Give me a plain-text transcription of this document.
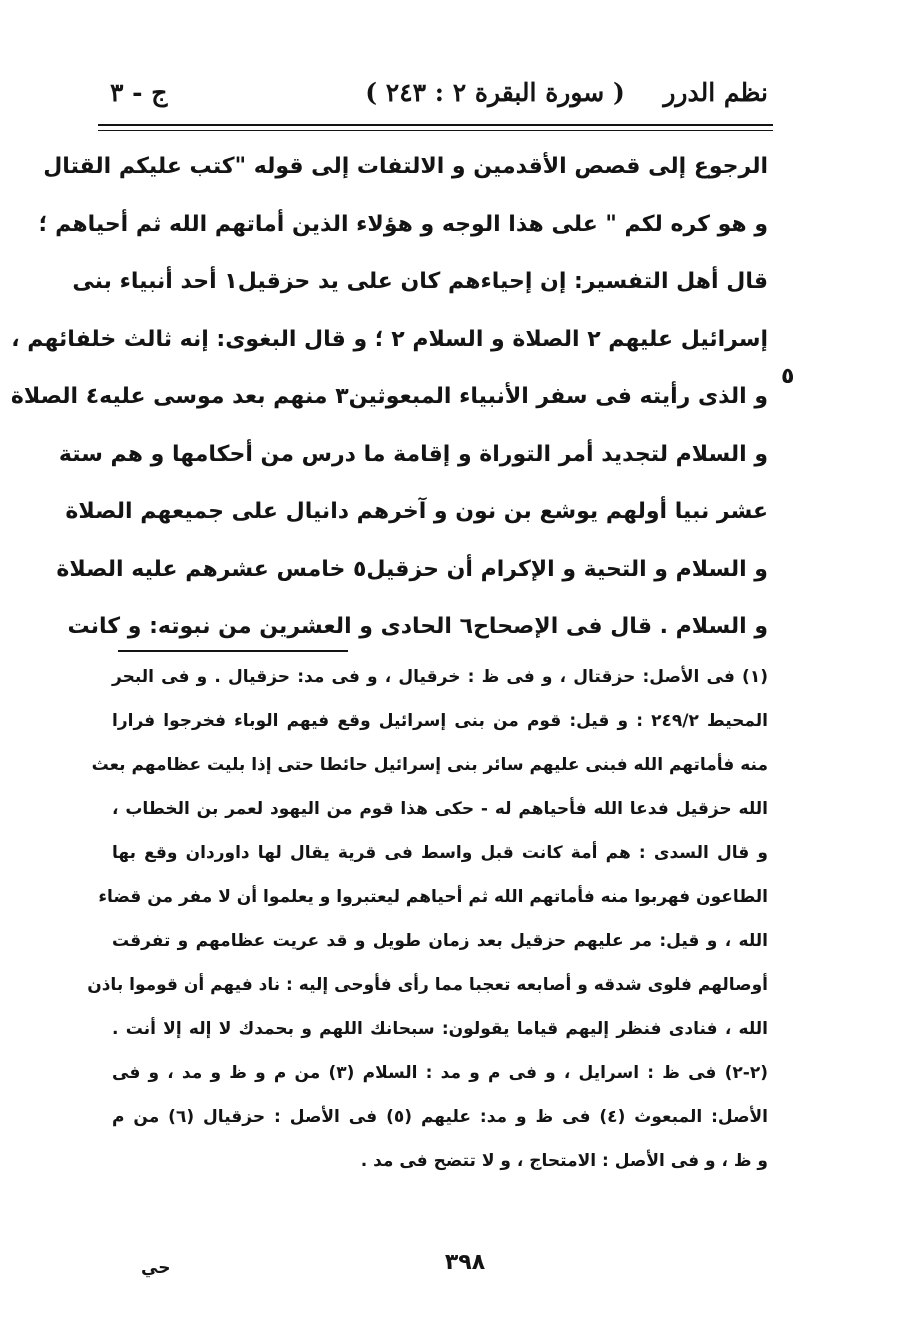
نظم الدرر
( سورة البقرة ٢ : ٢٤٣ )
ج - ٣
الرجوع إلى قصص الأقدمين و الالتفات إلى قوله "كتب عليكم القتال
و هو كره لكم " على هذا الوجه و هؤلاء الذين أماتهم الله ثم أحياهم ؛
قال أهل التفسير: إن إحياءهم كان على يد حزقيل١ أحد أنبياء بنى
إسرائيل عليهم ٢ الصلاة و السلام ٢ ؛ و قال البغوى: إنه ثالث خلفائهم ،
و الذى رأيته فى سفر الأنبياء المبعوثين٣ منهم بعد موسى عليه٤ الصلاة
و السلام لتجديد أمر التوراة و إقامة ما درس من أحكامها و هم ستة
عشر نبيا أولهم يوشع بن نون و آخرهم دانيال على جميعهم الصلاة
و السلام و التحية و الإكرام أن حزقيل٥ خامس عشرهم عليه الصلاة
و السلام . قال فى الإصحاح٦ الحادى و العشرين من نبوته: و كانت
٥
(١) فى الأصل: حزقتال ، و فى ظ : خرقيال ، و فى مد: حزقيال . و فى البحر
المحيط ٢٤٩/٢ : و قيل: قوم من بنى إسرائيل وقع فيهم الوباء فخرجوا فرارا
منه فأماتهم الله فبنى عليهم سائر بنى إسرائيل حائطا حتى إذا بليت عظامهم بعث
الله حزقيل فدعا الله فأحياهم له - حكى هذا قوم من اليهود لعمر بن الخطاب ،
و قال السدى : هم أمة كانت قبل واسط فى قرية يقال لها داوردان وقع بها
الطاعون فهربوا منه فأماتهم الله ثم أحياهم ليعتبروا و يعلموا أن لا مفر من قضاء
الله ، و قيل: مر عليهم حزقيل بعد زمان طويل و قد عريت عظامهم و تفرقت
أوصالهم فلوى شدقه و أصابعه تعجبا مما رأى فأوحى إليه : ناد فيهم أن قوموا باذن
الله ، فنادى فنظر إليهم قياما يقولون: سبحانك اللهم و بحمدك لا إله إلا أنت .
(٢-٢) فى ظ : اسرايل ، و فى م و مد : السلام (٣) من م و ظ و مد ، و فى
الأصل: المبعوث (٤) فى ظ و مد: عليهم (٥) فى الأصل : حزقيال (٦) من م
و ظ ، و فى الأصل : الامتحاج ، و لا تتضح فى مد .
٣٩٨
حي
